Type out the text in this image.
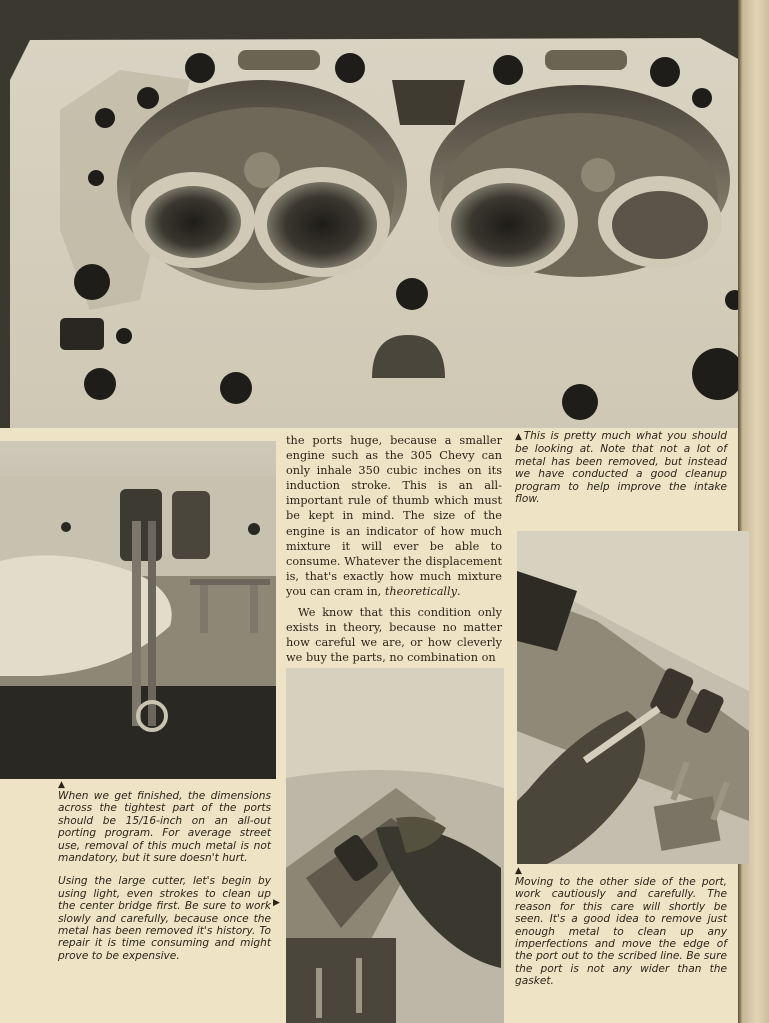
▲This is pretty much what you should be looking at. Note that not a lot of metal has been removed, but instead we have conducted a good cleanup program to help improve the intake flow.

the ports huge, because a smaller engine such as the 305 Chevy can only inhale 350 cubic inches on its induction stroke. This is an all-important rule of thumb which must be kept in mind. The size of the engine is an indicator of how much mixture it will ever be able to consume. Whatever the displacement is, that's exactly how much mixture you can cram in, theoretically.

We know that this condition only exists in theory, because no matter how careful we are, or how cleverly we buy the parts, no combination on

▲

When we get finished, the dimensions across the tightest part of the ports should be 15/16-inch on an all-out porting program. For average street use, removal of this much metal is not mandatory, but it sure doesn't hurt.

Using the large cutter, let's begin by using light, even strokes to clean up the center bridge first. Be sure to work slowly and carefully, because once the metal has been removed it's history. To repair it is time consuming and might prove to be expensive.

▶
▲

Moving to the other side of the port, work cautiously and carefully. The reason for this care will shortly be seen. It's a good idea to remove just enough metal to clean up any imperfections and move the edge of the port out to the scribed line. Be sure the port is not any wider than the gasket.
